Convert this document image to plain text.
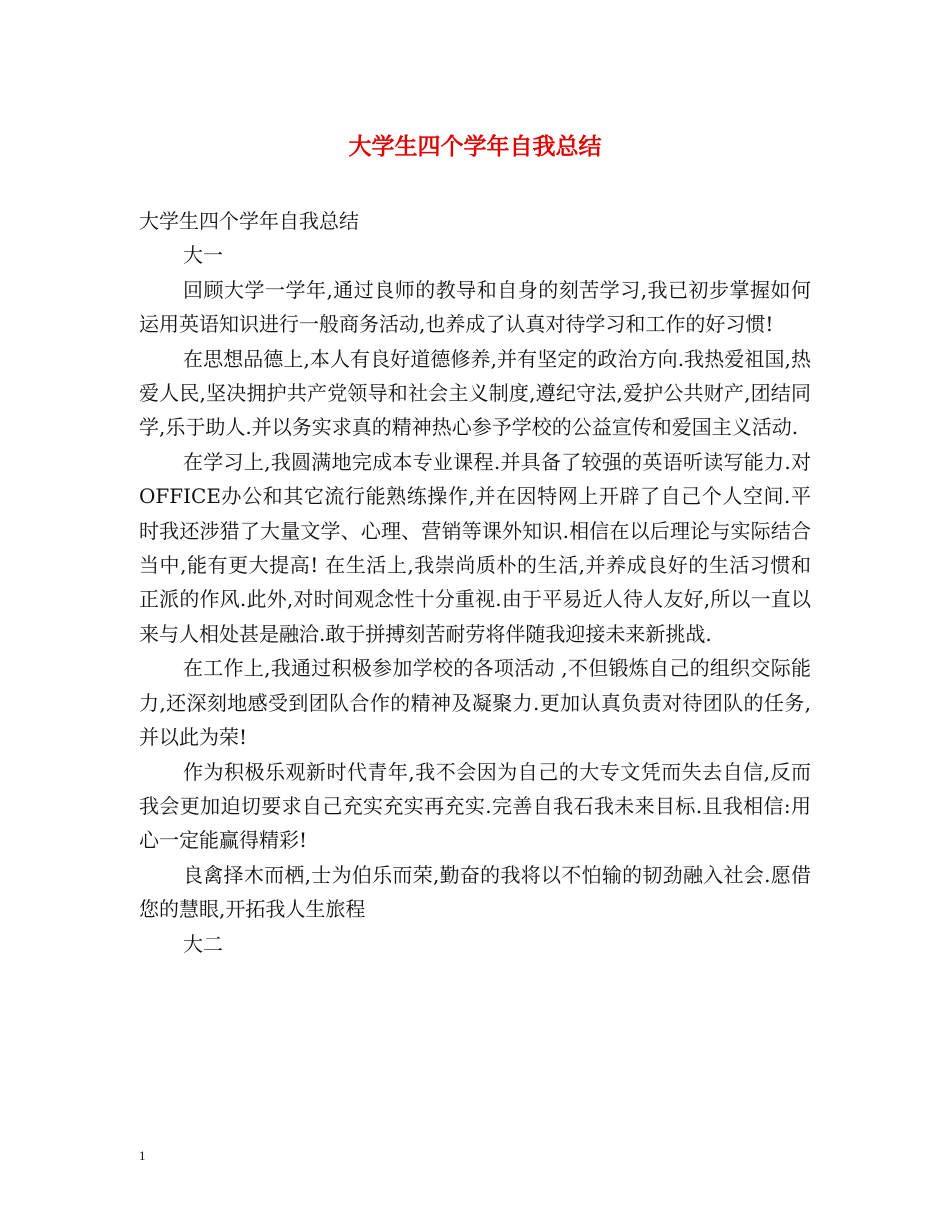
大学生四个学年自我总结

大学生四个学年自我总结

大一

回顾大学一学年,通过良师的教导和自身的刻苦学习,我已初步掌握如何运用英语知识进行一般商务活动,也养成了认真对待学习和工作的好习惯!

在思想品德上,本人有良好道德修养,并有坚定的政治方向.我热爱祖国,热爱人民,坚决拥护共产党领导和社会主义制度,遵纪守法,爱护公共财产,团结同学,乐于助人.并以务实求真的精神热心参予学校的公益宣传和爱国主义活动.

在学习上,我圆满地完成本专业课程.并具备了较强的英语听读写能力.对OFFICE办公和其它流行能熟练操作,并在因特网上开辟了自己个人空间.平时我还涉猎了大量文学、心理、营销等课外知识.相信在以后理论与实际结合当中,能有更大提高! 在生活上,我崇尚质朴的生活,并养成良好的生活习惯和正派的作风.此外,对时间观念性十分重视.由于平易近人待人友好,所以一直以来与人相处甚是融洽.敢于拼搏刻苦耐劳将伴随我迎接未来新挑战.

在工作上,我通过积极参加学校的各项活动 ,不但锻炼自己的组织交际能力,还深刻地感受到团队合作的精神及凝聚力.更加认真负责对待团队的任务,并以此为荣!

作为积极乐观新时代青年,我不会因为自己的大专文凭而失去自信,反而我会更加迫切要求自己充实充实再充实.完善自我石我未来目标.且我相信:用心一定能赢得精彩!

良禽择木而栖,士为伯乐而荣,勤奋的我将以不怕输的韧劲融入社会.愿借您的慧眼,开拓我人生旅程

大二

1
